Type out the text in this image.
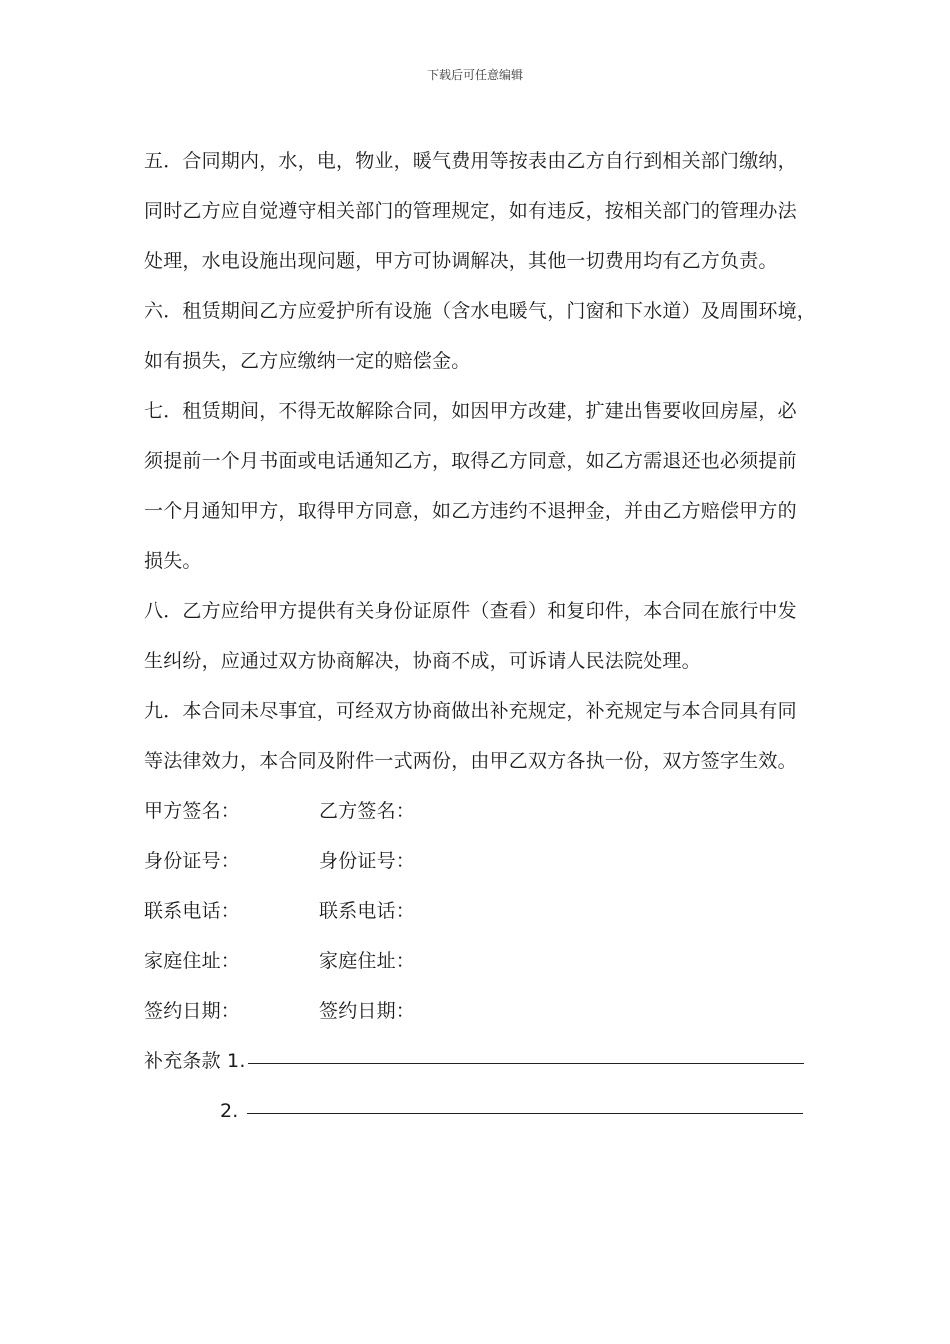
下载后可任意编辑
五．合同期内，水，电，物业，暖气费用等按表由乙方自行到相关部门缴纳，
同时乙方应自觉遵守相关部门的管理规定，如有违反，按相关部门的管理办法
处理，水电设施出现问题，甲方可协调解决，其他一切费用均有乙方负责。
六．租赁期间乙方应爱护所有设施（含水电暖气，门窗和下水道）及周围环境，
如有损失，乙方应缴纳一定的赔偿金。
七．租赁期间，不得无故解除合同，如因甲方改建，扩建出售要收回房屋，必
须提前一个月书面或电话通知乙方，取得乙方同意，如乙方需退还也必须提前
一个月通知甲方，取得甲方同意，如乙方违约不退押金，并由乙方赔偿甲方的
损失。
八．乙方应给甲方提供有关身份证原件（查看）和复印件，本合同在旅行中发
生纠纷，应通过双方协商解决，协商不成，可诉请人民法院处理。
九．本合同未尽事宜，可经双方协商做出补充规定，补充规定与本合同具有同
等法律效力，本合同及附件一式两份，由甲乙双方各执一份，双方签字生效。
甲方签名：	乙方签名：
身份证号：	身份证号：
联系电话：	联系电话：
家庭住址：	家庭住址：
签约日期：	签约日期：
补充条款 1.
2.
